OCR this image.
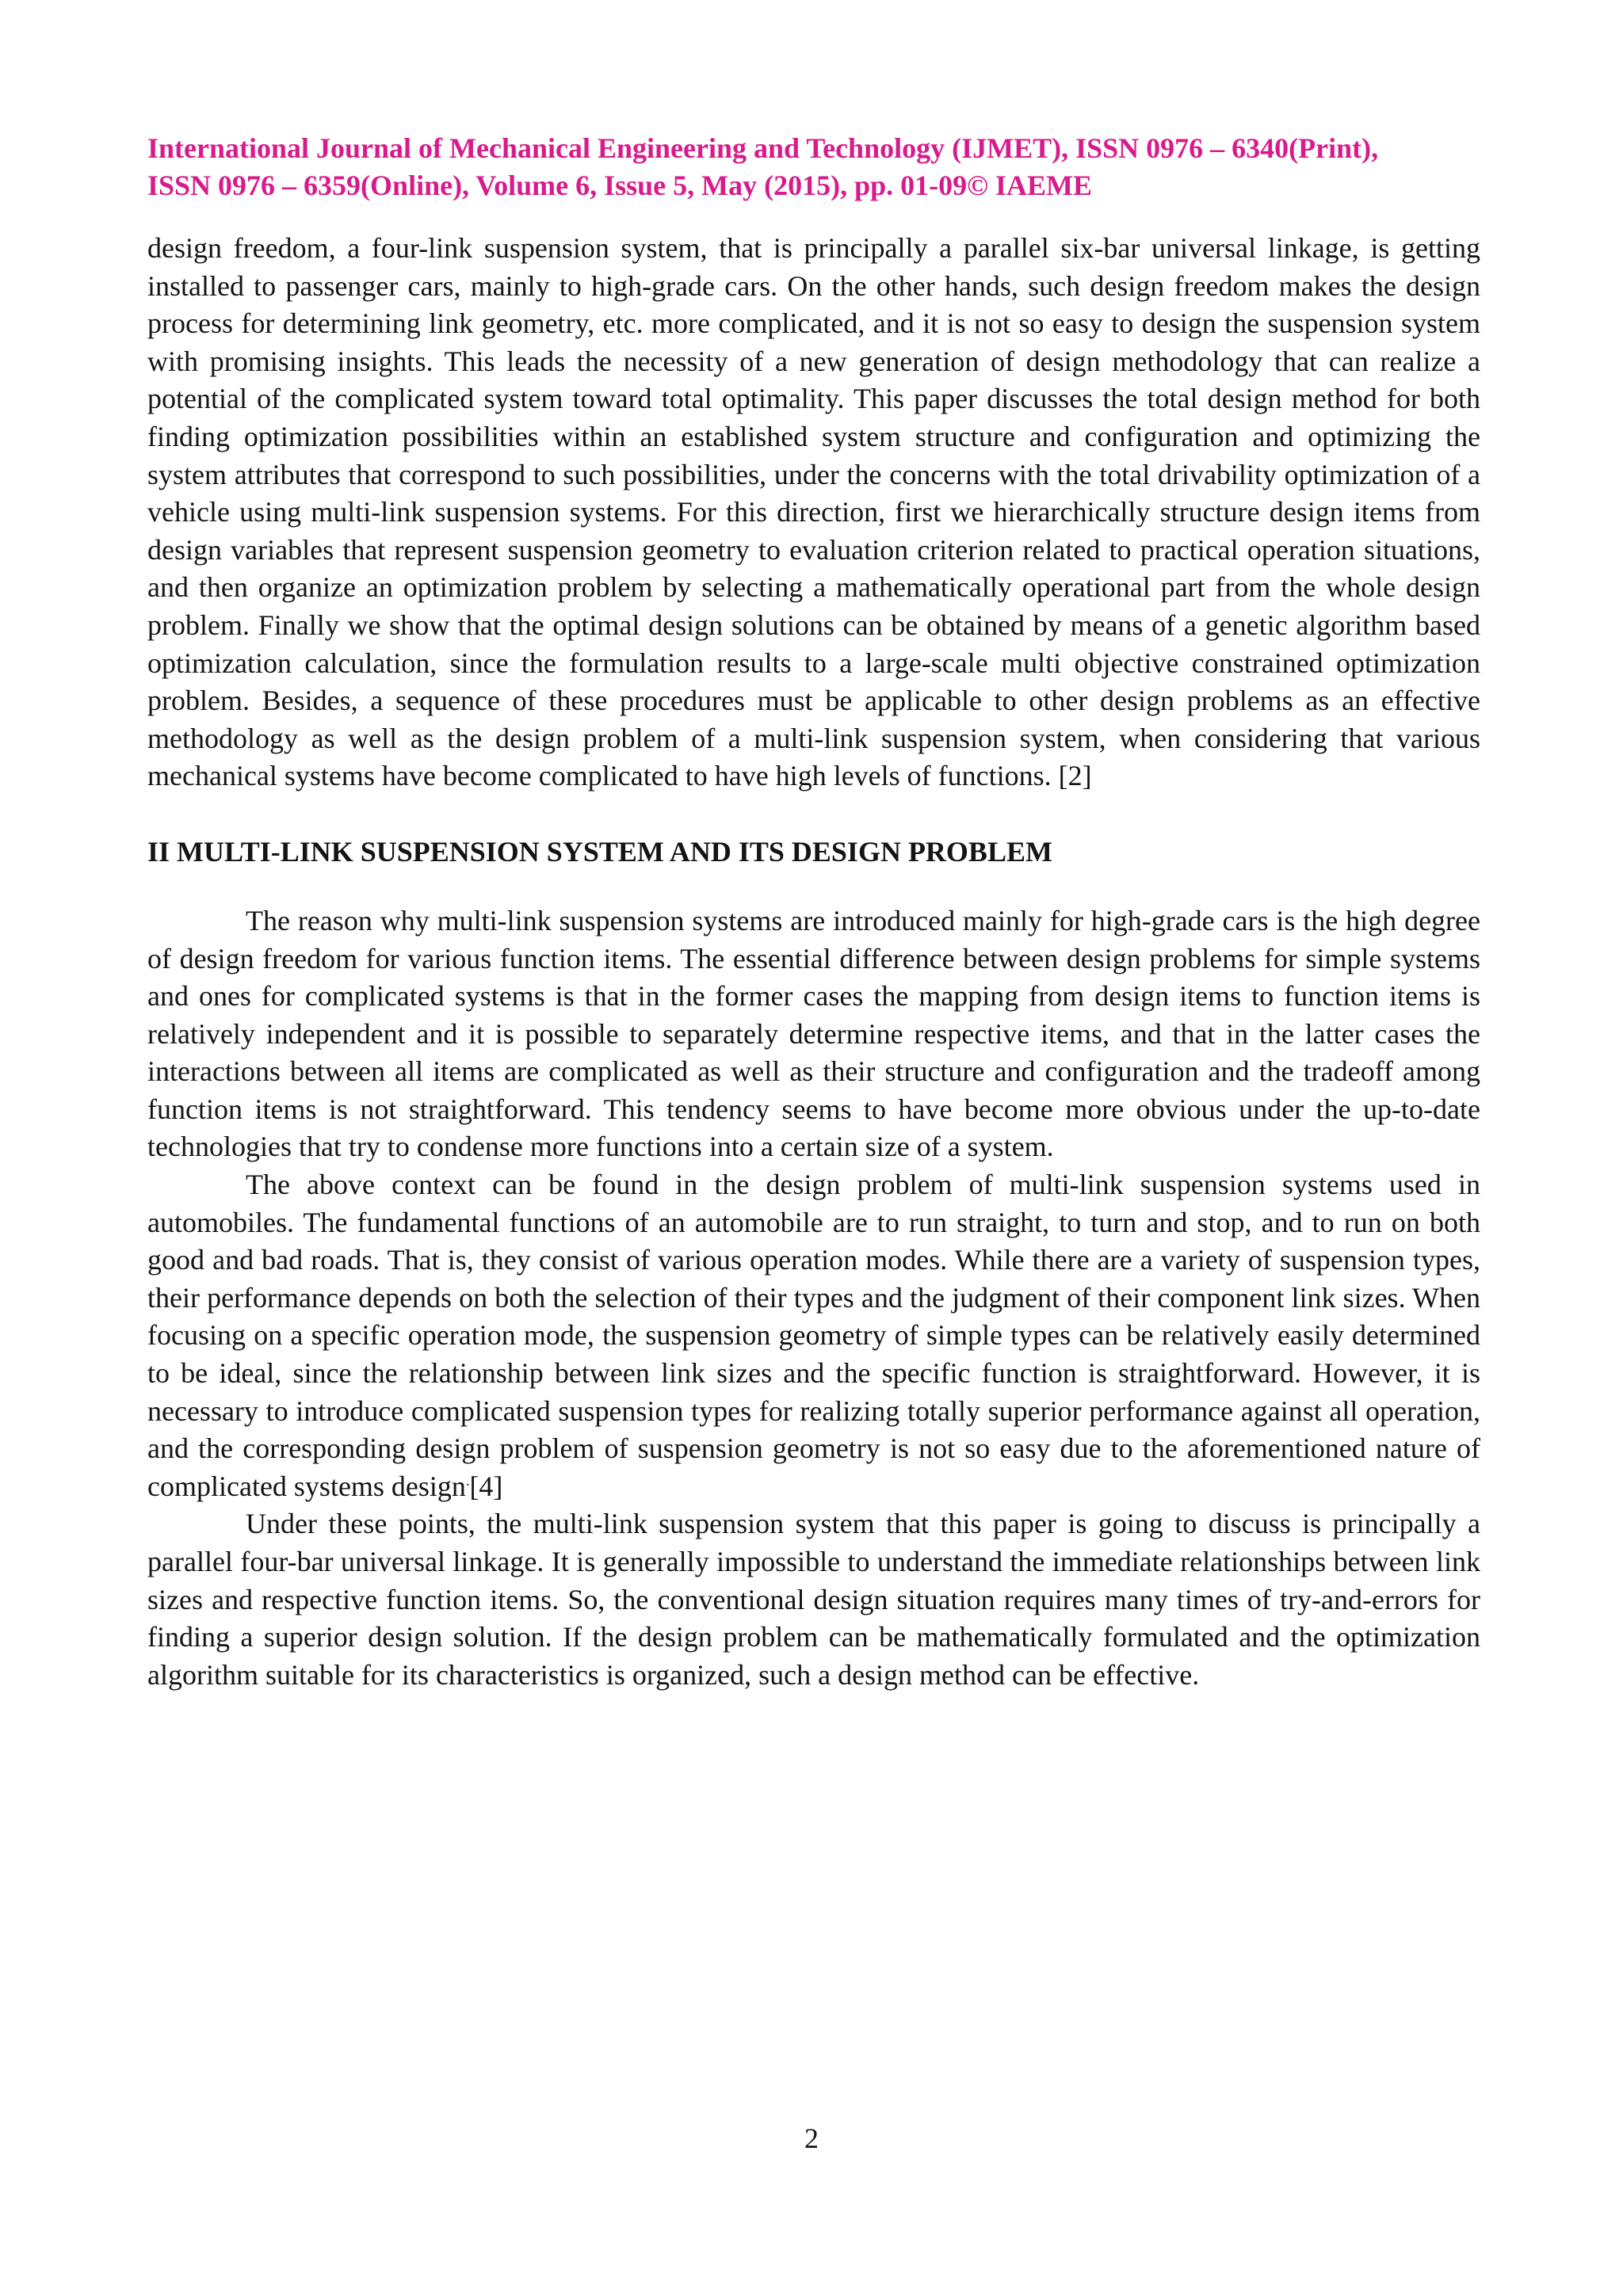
International Journal of Mechanical Engineering and Technology (IJMET), ISSN 0976 – 6340(Print),
ISSN 0976 – 6359(Online), Volume 6, Issue 5, May (2015), pp. 01-09© IAEME

design freedom, a four-link suspension system, that is principally a parallel six-bar universal linkage, is getting installed to passenger cars, mainly to high-grade cars. On the other hands, such design freedom makes the design process for determining link geometry, etc. more complicated, and it is not so easy to design the suspension system with promising insights. This leads the necessity of a new generation of design methodology that can realize a potential of the complicated system toward total optimality. This paper discusses the total design method for both finding optimization possibilities within an established system structure and configuration and optimizing the system attributes that correspond to such possibilities, under the concerns with the total drivability optimization of a vehicle using multi-link suspension systems. For this direction, first we hierarchically structure design items from design variables that represent suspension geometry to evaluation criterion related to practical operation situations, and then organize an optimization problem by selecting a mathematically operational part from the whole design problem. Finally we show that the optimal design solutions can be obtained by means of a genetic algorithm based optimization calculation, since the formulation results to a large-scale multi objective constrained optimization problem. Besides, a sequence of these procedures must be applicable to other design problems as an effective methodology as well as the design problem of a multi-link suspension system, when considering that various mechanical systems have become complicated to have high levels of functions. [2]

II MULTI-LINK SUSPENSION SYSTEM AND ITS DESIGN PROBLEM

The reason why multi-link suspension systems are introduced mainly for high-grade cars is the high degree of design freedom for various function items. The essential difference between design problems for simple systems and ones for complicated systems is that in the former cases the mapping from design items to function items is relatively independent and it is possible to separately determine respective items, and that in the latter cases the interactions between all items are complicated as well as their structure and configuration and the tradeoff among function items is not straightforward. This tendency seems to have become more obvious under the up-to-date technologies that try to condense more functions into a certain size of a system.

The above context can be found in the design problem of multi-link suspension systems used in automobiles. The fundamental functions of an automobile are to run straight, to turn and stop, and to run on both good and bad roads. That is, they consist of various operation modes. While there are a variety of suspension types, their performance depends on both the selection of their types and the judgment of their component link sizes. When focusing on a specific operation mode, the suspension geometry of simple types can be relatively easily determined to be ideal, since the relationship between link sizes and the specific function is straightforward. However, it is necessary to introduce complicated suspension types for realizing totally superior performance against all operation, and the corresponding design problem of suspension geometry is not so easy due to the aforementioned nature of complicated systems design.[4]

Under these points, the multi-link suspension system that this paper is going to discuss is principally a parallel four-bar universal linkage. It is generally impossible to understand the immediate relationships between link sizes and respective function items. So, the conventional design situation requires many times of try-and-errors for finding a superior design solution. If the design problem can be mathematically formulated and the optimization algorithm suitable for its characteristics is organized, such a design method can be effective.

2
